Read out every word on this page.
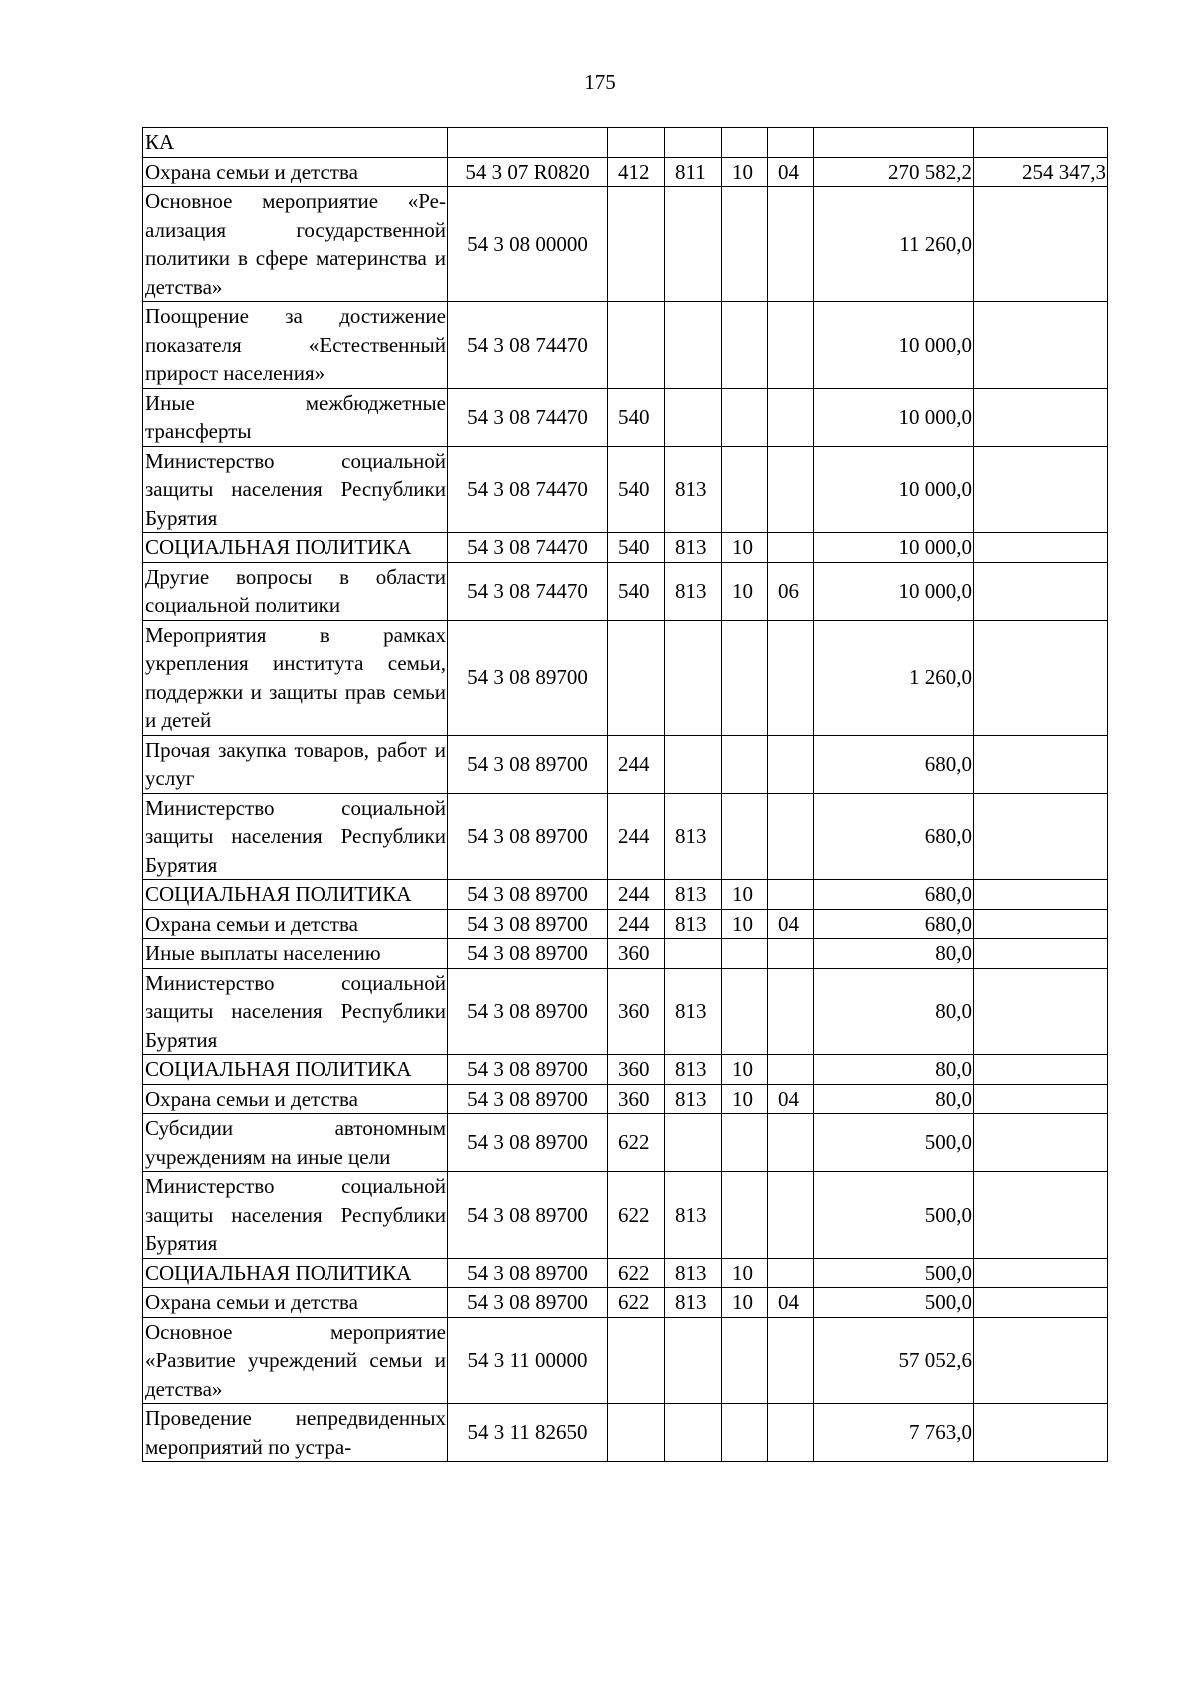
175
КА							
Охрана семьи и детства	54 3 07 R0820	412	811	10	04	270 582,2	254 347,3
Основное мероприятие «Реализация государственной политики в сфере материнства и детства»	54 3 08 00000					11 260,0	
Поощрение за достижение показателя «Естественный прирост населения»	54 3 08 74470					10 000,0	
Иные межбюджетные трансферты	54 3 08 74470	540				10 000,0	
Министерство социальной защиты населения Республики Бурятия	54 3 08 74470	540	813			10 000,0	
СОЦИАЛЬНАЯ ПОЛИТИКА	54 3 08 74470	540	813	10		10 000,0	
Другие вопросы в области социальной политики	54 3 08 74470	540	813	10	06	10 000,0	
Мероприятия в рамках укрепления института семьи, поддержки и защиты прав семьи и детей	54 3 08 89700					1 260,0	
Прочая закупка товаров, работ и услуг	54 3 08 89700	244				680,0	
Министерство социальной защиты населения Республики Бурятия	54 3 08 89700	244	813			680,0	
СОЦИАЛЬНАЯ ПОЛИТИКА	54 3 08 89700	244	813	10		680,0	
Охрана семьи и детства	54 3 08 89700	244	813	10	04	680,0	
Иные выплаты населению	54 3 08 89700	360				80,0	
Министерство социальной защиты населения Республики Бурятия	54 3 08 89700	360	813			80,0	
СОЦИАЛЬНАЯ ПОЛИТИКА	54 3 08 89700	360	813	10		80,0	
Охрана семьи и детства	54 3 08 89700	360	813	10	04	80,0	
Субсидии автономным учреждениям на иные цели	54 3 08 89700	622				500,0	
Министерство социальной защиты населения Республики Бурятия	54 3 08 89700	622	813			500,0	
СОЦИАЛЬНАЯ ПОЛИТИКА	54 3 08 89700	622	813	10		500,0	
Охрана семьи и детства	54 3 08 89700	622	813	10	04	500,0	
Основное мероприятие «Развитие учреждений семьи и детства»	54 3 11 00000					57 052,6	
Проведение непредвиденных мероприятий по устра-	54 3 11 82650					7 763,0	
